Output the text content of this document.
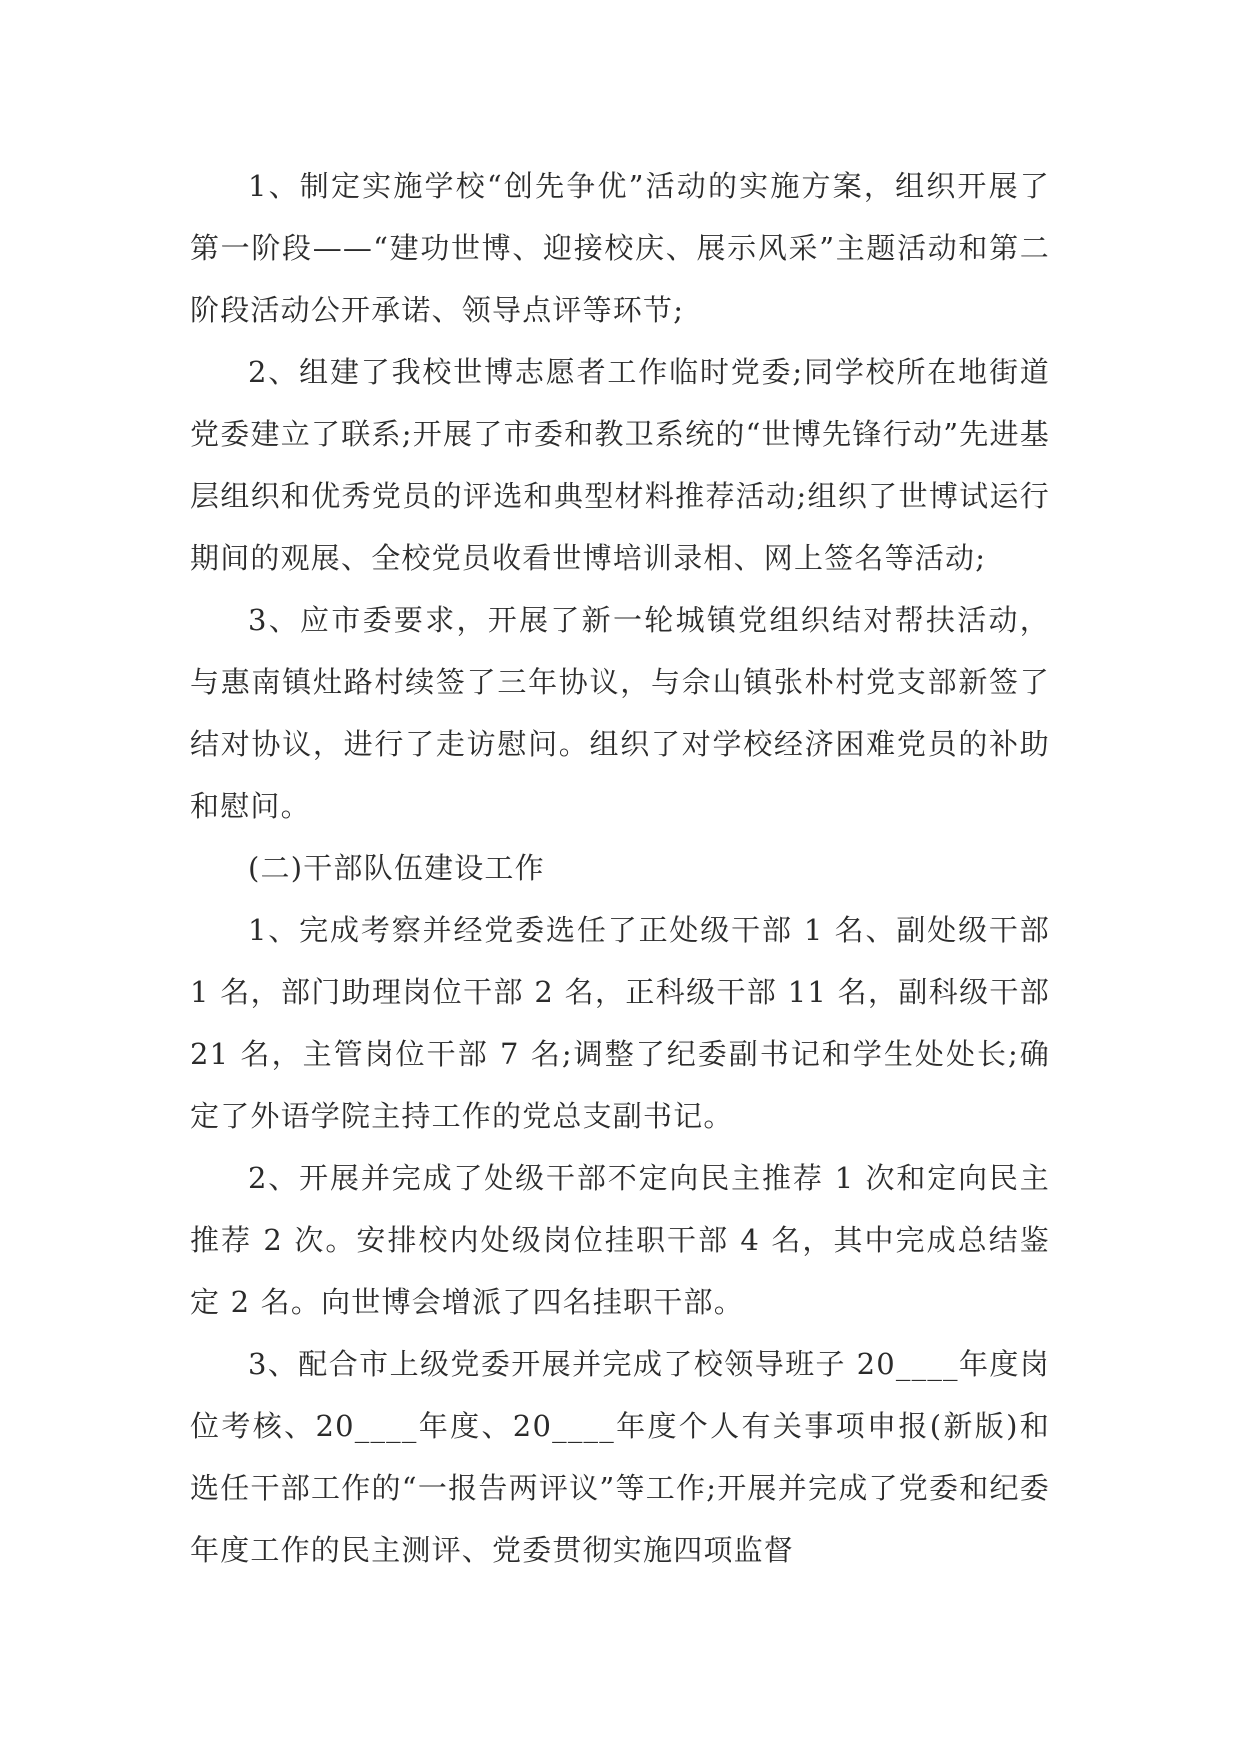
1、制定实施学校“创先争优”活动的实施方案，组织开展了第一阶段——“建功世博、迎接校庆、展示风采”主题活动和第二阶段活动公开承诺、领导点评等环节;

2、组建了我校世博志愿者工作临时党委;同学校所在地街道党委建立了联系;开展了市委和教卫系统的“世博先锋行动”先进基层组织和优秀党员的评选和典型材料推荐活动;组织了世博试运行期间的观展、全校党员收看世博培训录相、网上签名等活动;

3、应市委要求，开展了新一轮城镇党组织结对帮扶活动，与惠南镇灶路村续签了三年协议，与佘山镇张朴村党支部新签了结对协议，进行了走访慰问。组织了对学校经济困难党员的补助和慰问。

(二)干部队伍建设工作

1、完成考察并经党委选任了正处级干部 1 名、副处级干部 1 名，部门助理岗位干部 2 名，正科级干部 11 名，副科级干部 21 名，主管岗位干部 7 名;调整了纪委副书记和学生处处长;确定了外语学院主持工作的党总支副书记。

2、开展并完成了处级干部不定向民主推荐 1 次和定向民主推荐 2 次。安排校内处级岗位挂职干部 4 名，其中完成总结鉴定 2 名。向世博会增派了四名挂职干部。

3、配合市上级党委开展并完成了校领导班子 20____年度岗位考核、20____年度、20____年度个人有关事项申报(新版)和选任干部工作的“一报告两评议”等工作;开展并完成了党委和纪委年度工作的民主测评、党委贯彻实施四项监督
